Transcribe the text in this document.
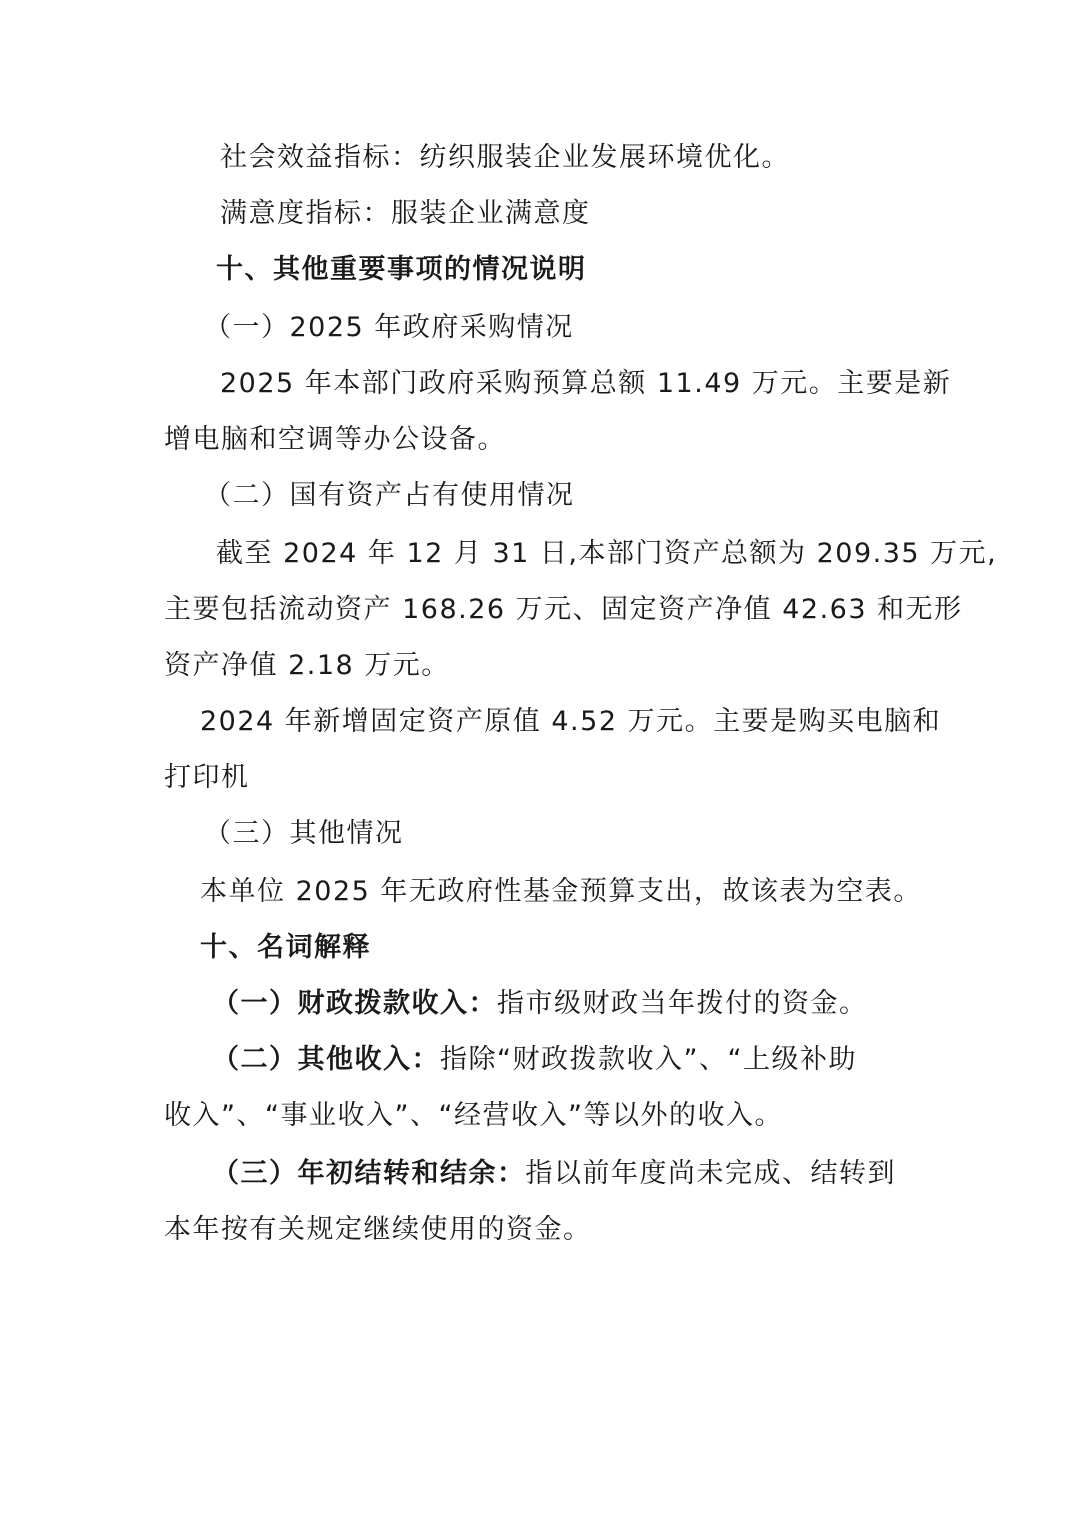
社会效益指标：纺织服装企业发展环境优化。
满意度指标：服装企业满意度
十、其他重要事项的情况说明
（一）2025 年政府采购情况
2025 年本部门政府采购预算总额 11.49 万元。主要是新
增电脑和空调等办公设备。
（二）国有资产占有使用情况
截至 2024 年 12 月 31 日,本部门资产总额为 209.35 万元,
主要包括流动资产 168.26 万元、固定资产净值 42.63 和无形
资产净值 2.18 万元。
2024 年新增固定资产原值 4.52 万元。主要是购买电脑和
打印机
（三）其他情况
本单位 2025 年无政府性基金预算支出，故该表为空表。
十、名词解释
（一）财政拨款收入：指市级财政当年拨付的资金。
（二）其他收入：指除“财政拨款收入”、“上级补助
收入”、“事业收入”、“经营收入”等以外的收入。
（三）年初结转和结余：指以前年度尚未完成、结转到
本年按有关规定继续使用的资金。
